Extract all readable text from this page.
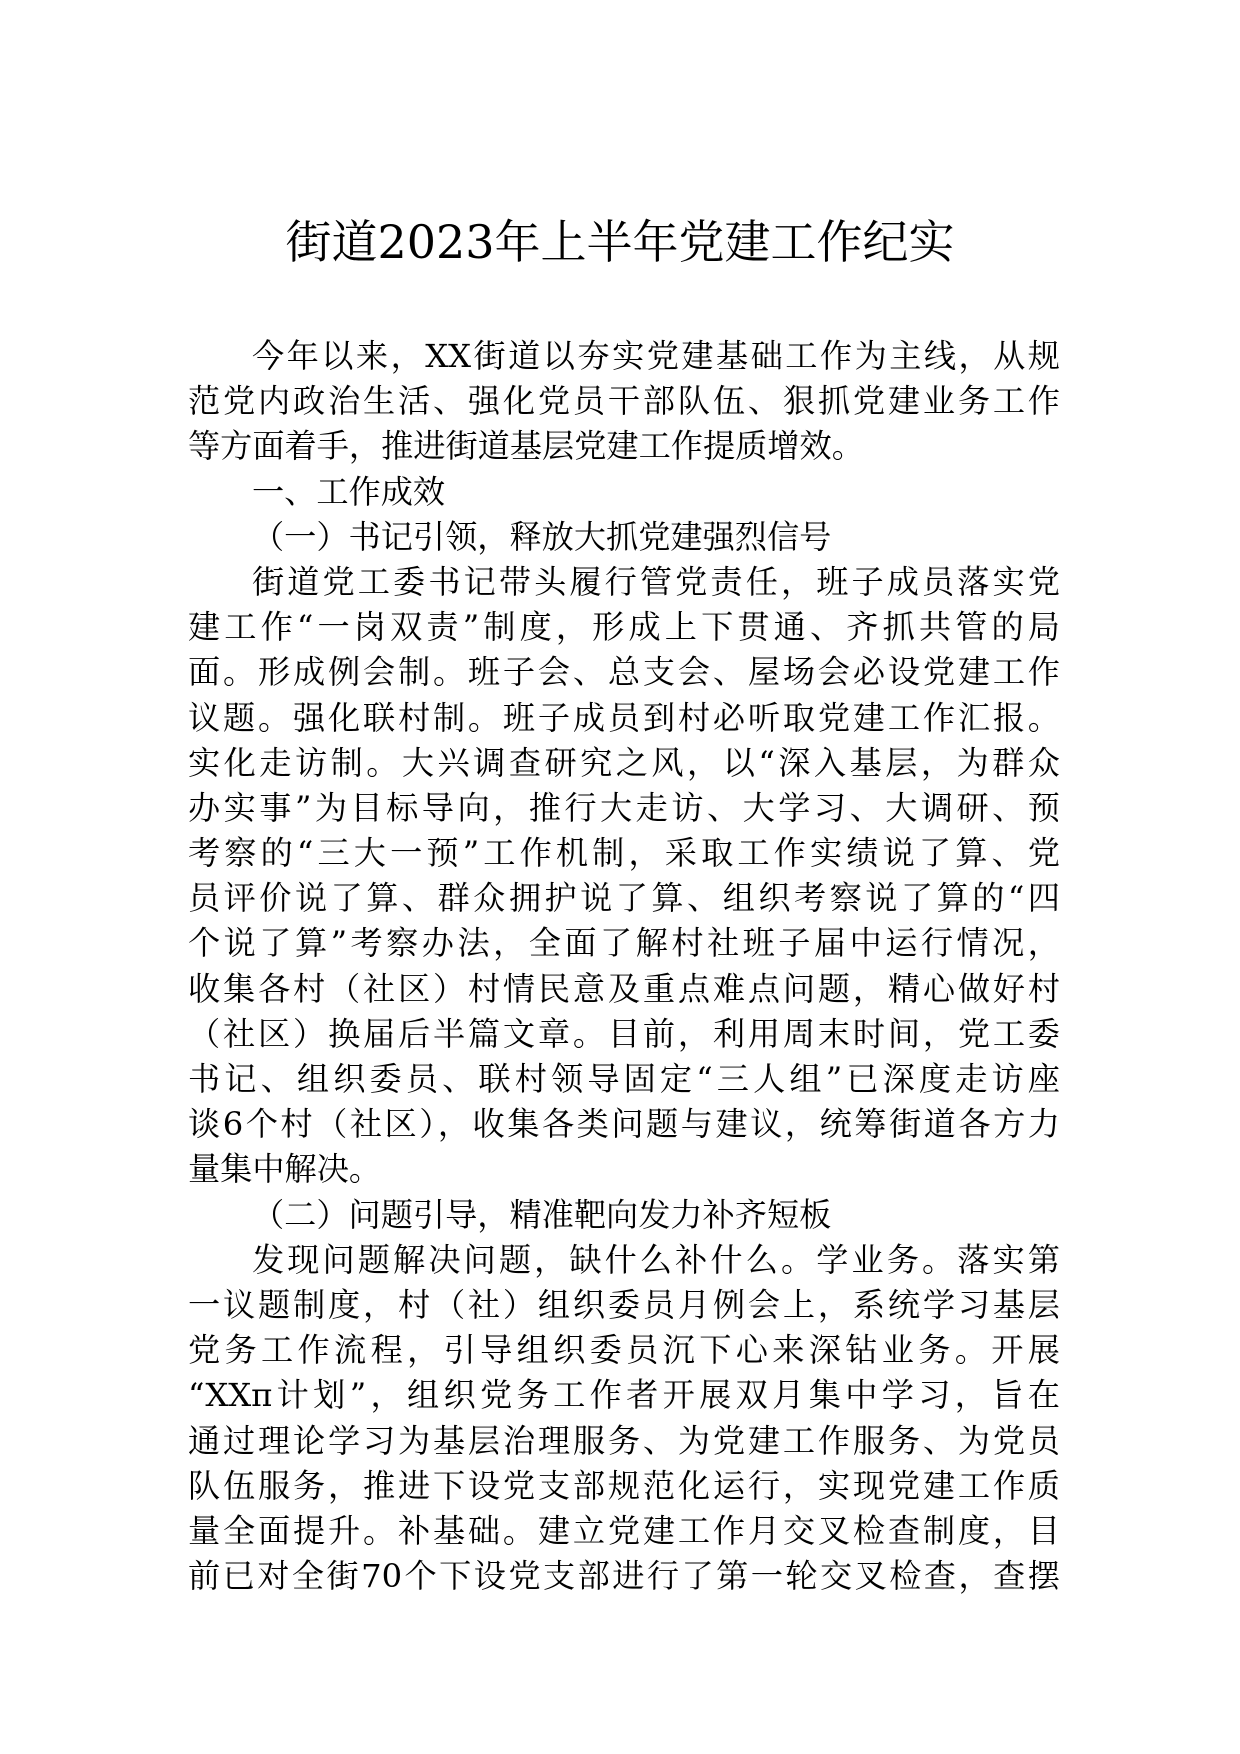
街道2023年上半年党建工作纪实
今年以来，XX街道以夯实党建基础工作为主线，从规
范党内政治生活、强化党员干部队伍、狠抓党建业务工作
等方面着手，推进街道基层党建工作提质增效。
一、工作成效
（一）书记引领，释放大抓党建强烈信号
街道党工委书记带头履行管党责任，班子成员落实党
建工作“一岗双责”制度，形成上下贯通、齐抓共管的局
面。形成例会制。班子会、总支会、屋场会必设党建工作
议题。强化联村制。班子成员到村必听取党建工作汇报。
实化走访制。大兴调查研究之风，以“深入基层，为群众
办实事”为目标导向，推行大走访、大学习、大调研、预
考察的“三大一预”工作机制，采取工作实绩说了算、党
员评价说了算、群众拥护说了算、组织考察说了算的“四
个说了算”考察办法，全面了解村社班子届中运行情况，
收集各村（社区）村情民意及重点难点问题，精心做好村
（社区）换届后半篇文章。目前，利用周末时间，党工委
书记、组织委员、联村领导固定“三人组”已深度走访座
谈6个村（社区），收集各类问题与建议，统筹街道各方力
量集中解决。
（二）问题引导，精准靶向发力补齐短板
发现问题解决问题，缺什么补什么。学业务。落实第
一议题制度，村（社）组织委员月例会上，系统学习基层
党务工作流程，引导组织委员沉下心来深钻业务。开展
“XXπ计划”，组织党务工作者开展双月集中学习，旨在
通过理论学习为基层治理服务、为党建工作服务、为党员
队伍服务，推进下设党支部规范化运行，实现党建工作质
量全面提升。补基础。建立党建工作月交叉检查制度，目
前已对全街70个下设党支部进行了第一轮交叉检查，查摆
